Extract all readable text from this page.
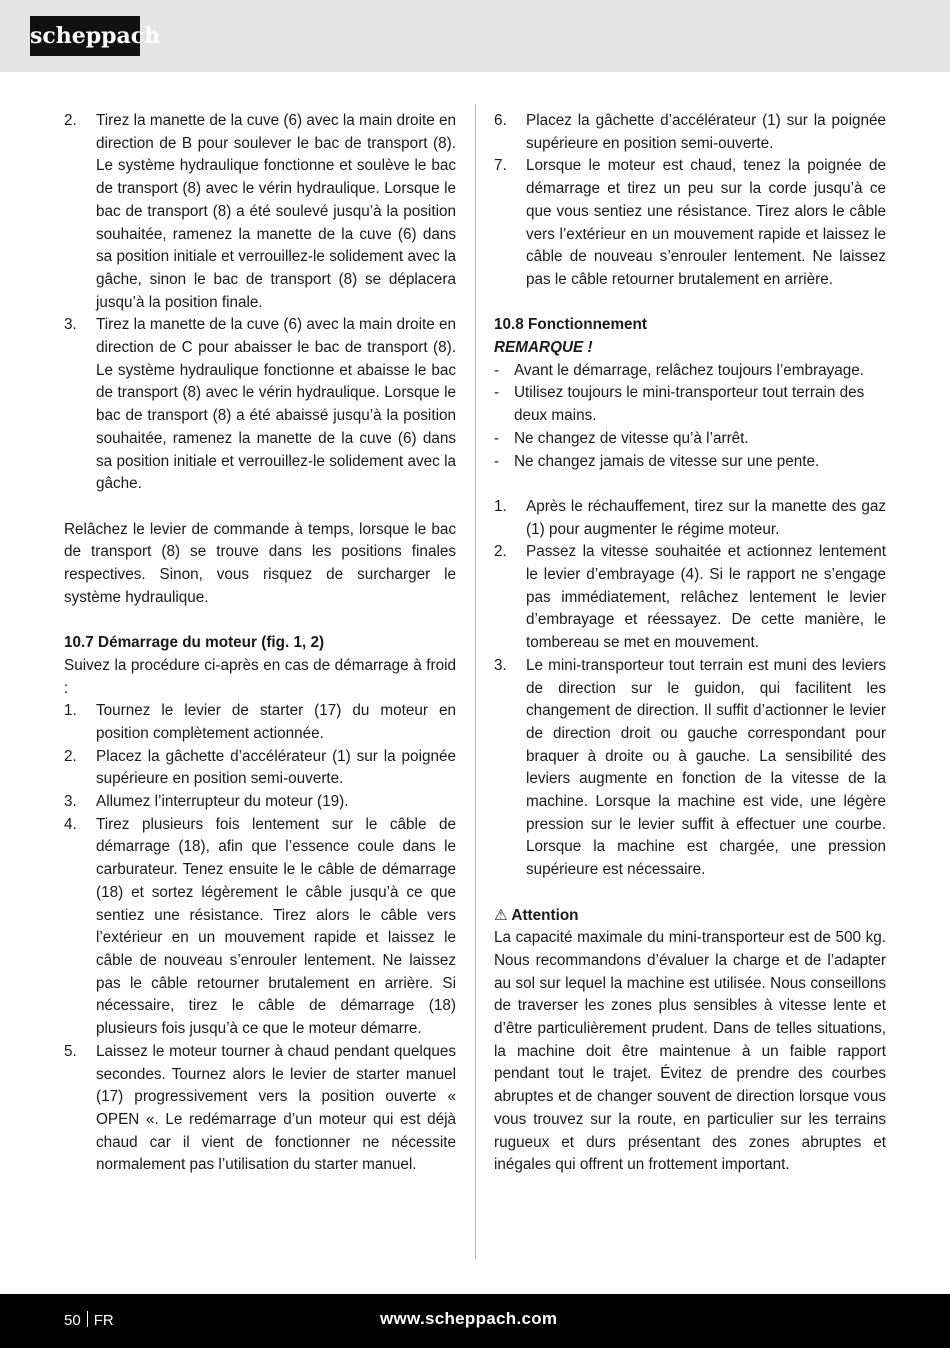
scheppach
2. Tirez la manette de la cuve (6) avec la main droite en direction de B pour soulever le bac de transport (8). Le système hydraulique fonctionne et soulève le bac de transport (8) avec le vérin hydraulique. Lorsque le bac de transport (8) a été soulevé jusqu’à la position souhaitée, ramenez la manette de la cuve (6) dans sa position initiale et verrouillez-le solidement avec la gâche, sinon le bac de transport (8) se déplacera jusqu’à la position finale.
3. Tirez la manette de la cuve (6) avec la main droite en direction de C pour abaisser le bac de transport (8). Le système hydraulique fonctionne et abaisse le bac de transport (8) avec le vérin hydraulique. Lorsque le bac de transport (8) a été abaissé jusqu’à la position souhaitée, ramenez la manette de la cuve (6) dans sa position initiale et verrouillez-le solidement avec la gâche.

Relâchez le levier de commande à temps, lorsque le bac de transport (8) se trouve dans les positions finales respectives. Sinon, vous risquez de surcharger le système hydraulique.

10.7 Démarrage du moteur (fig. 1, 2)

Suivez la procédure ci-après en cas de démarrage à froid :

1. Tournez le levier de starter (17) du moteur en position complètement actionnée.
2. Placez la gâchette d’accélérateur (1) sur la poignée supérieure en position semi-ouverte.
3. Allumez l’interrupteur du moteur (19).
4. Tirez plusieurs fois lentement sur le câble de démarrage (18), afin que l’essence coule dans le carburateur. Tenez ensuite le le câble de démarrage (18) et sortez légèrement le câble jusqu’à ce que sentiez une résistance. Tirez alors le câble vers l’extérieur en un mouvement rapide et laissez le câble de nouveau s’enrouler lentement. Ne laissez pas le câble retourner brutalement en arrière. Si nécessaire, tirez le câble de démarrage (18) plusieurs fois jusqu’à ce que le moteur démarre.
5. Laissez le moteur tourner à chaud pendant quelques secondes. Tournez alors le levier de starter manuel (17) progressivement vers la position ouverte « OPEN «. Le redémarrage d’un moteur qui est déjà chaud car il vient de fonctionner ne nécessite normalement pas l’utilisation du starter manuel.
6. Placez la gâchette d’accélérateur (1) sur la poignée supérieure en position semi-ouverte.
7. Lorsque le moteur est chaud, tenez la poignée de démarrage et tirez un peu sur la corde jusqu’à ce que vous sentiez une résistance. Tirez alors le câble vers l’extérieur en un mouvement rapide et laissez le câble de nouveau s’enrouler lentement. Ne laissez pas le câble retourner brutalement en arrière.

10.8 Fonctionnement

REMARQUE !

- Avant le démarrage, relâchez toujours l’embrayage.
- Utilisez toujours le mini-transporteur tout terrain des deux mains.
- Ne changez de vitesse qu’à l’arrêt.
- Ne changez jamais de vitesse sur une pente.
1. Après le réchauffement, tirez sur la manette des gaz (1) pour augmenter le régime moteur.
2. Passez la vitesse souhaitée et actionnez lentement le levier d’embrayage (4). Si le rapport ne s’engage pas immédiatement, relâchez lentement le levier d’embrayage et réessayez. De cette manière, le tombereau se met en mouvement.
3. Le mini-transporteur tout terrain est muni des leviers de direction sur le guidon, qui facilitent les changement de direction. Il suffit d’actionner le levier de direction droit ou gauche correspondant pour braquer à droite ou à gauche. La sensibilité des leviers augmente en fonction de la vitesse de la machine. Lorsque la machine est vide, une légère pression sur le levier suffit à effectuer une courbe. Lorsque la machine est chargée, une pression supérieure est nécessaire.

⚠ Attention

La capacité maximale du mini-transporteur est de 500 kg. Nous recommandons d’évaluer la charge et de l’adapter au sol sur lequel la machine est utilisée. Nous conseillons de traverser les zones plus sensibles à vitesse lente et d’être particulièrement prudent. Dans de telles situations, la machine doit être maintenue à un faible rapport pendant tout le trajet. Évitez de prendre des courbes abruptes et de changer souvent de direction lorsque vous vous trouvez sur la route, en particulier sur les terrains rugueux et durs présentant des zones abruptes et inégales qui offrent un frottement important.

50 FR	www.scheppach.com
